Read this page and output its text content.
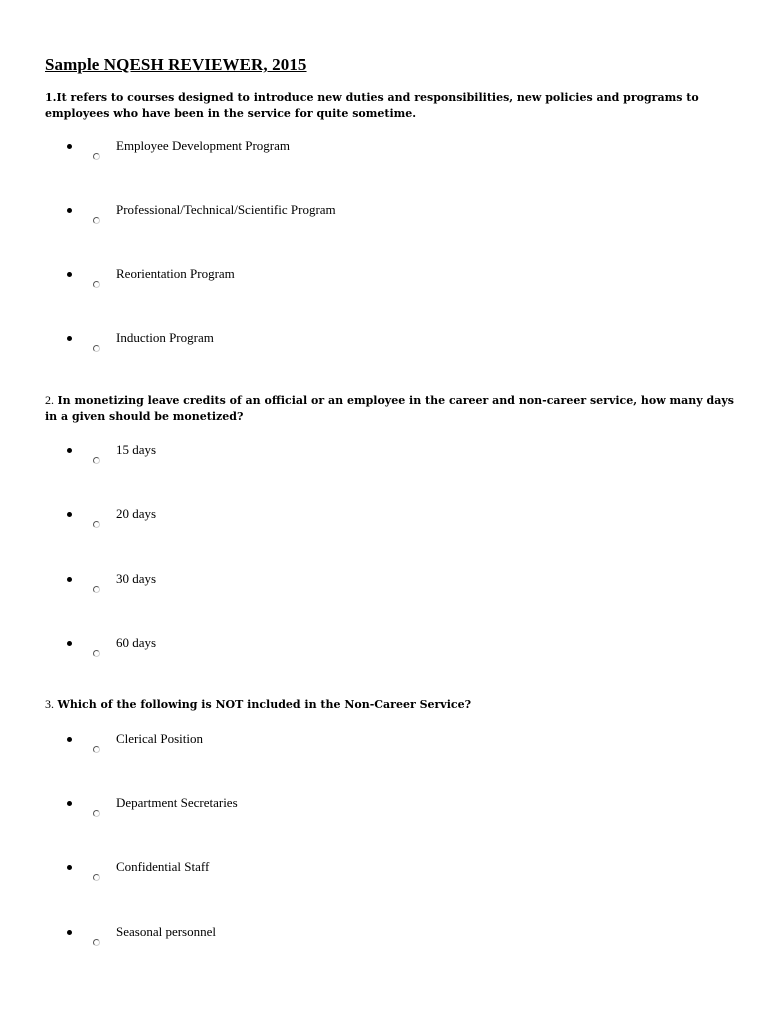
Sample NQESH REVIEWER, 2015
1.It refers to courses designed to introduce new duties and responsibilities, new policies and programs to employees who have been in the service for quite sometime.
Employee Development Program
Professional/Technical/Scientific Program
Reorientation Program
Induction Program
2. In monetizing leave credits of an official or an employee in the career and non-career service, how many days in a given should be monetized?
15 days
20 days
30 days
60 days
3. Which of the following is NOT included in the Non-Career Service?
Clerical Position
Department Secretaries
Confidential Staff
Seasonal personnel
